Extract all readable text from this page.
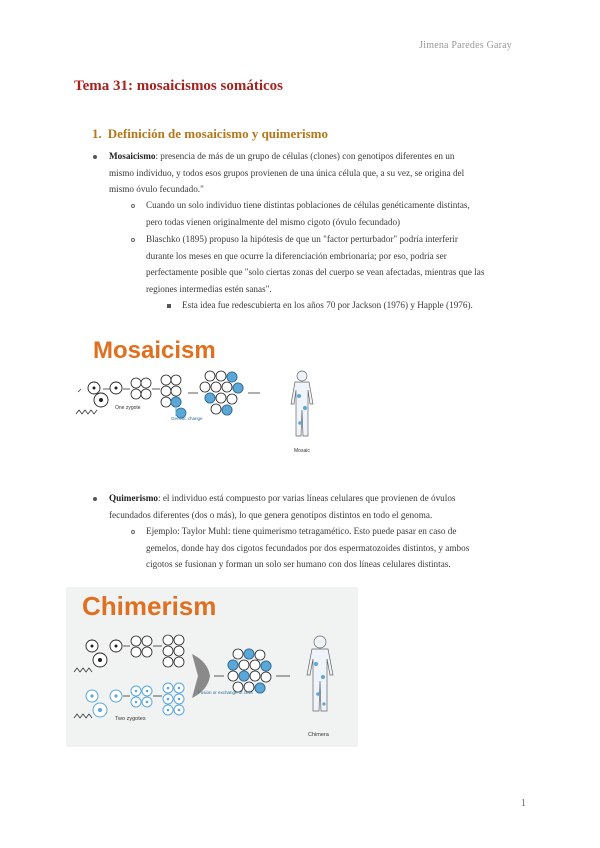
Jimena Paredes Garay
Tema 31: mosaicismos somáticos
1. Definición de mosaicismo y quimerismo
Mosaicismo: presencia de más de un grupo de células (clones) con genotipos diferentes en un
mismo individuo, y todos esos grupos provienen de una única célula que, a su vez, se origina del
mismo óvulo fecundado."
Cuando un solo individuo tiene distintas poblaciones de células genéticamente distintas,
pero todas vienen originalmente del mismo cigoto (óvulo fecundado)
Blaschko (1895) propuso la hipótesis de que un "factor perturbador" podría interferir
durante los meses en que ocurre la diferenciación embrionaria; por eso, podría ser
perfectamente posible que "solo ciertas zonas del cuerpo se vean afectadas, mientras que las
regiones intermedias estén sanas".
Esta idea fue redescubierta en los años 70 por Jackson (1976) y Happle (1976).
Mosaicism
One zygote
Genetic change
Mosaic
Quimerismo: el individuo está compuesto por varias líneas celulares que provienen de óvulos
fecundados diferentes (dos o más), lo que genera genotipos distintos en todo el genoma.
Ejemplo: Taylor Muhl: tiene quimerismo tetragamético. Esto puede pasar en caso de
gemelos, donde hay dos cigotos fecundados por dos espermatozoides distintos, y ambos
cigotos se fusionan y forman un solo ser humano con dos líneas celulares distintas.
Chimerism
Two zygotes
Fusion or exchange of cells
Chimera
1
